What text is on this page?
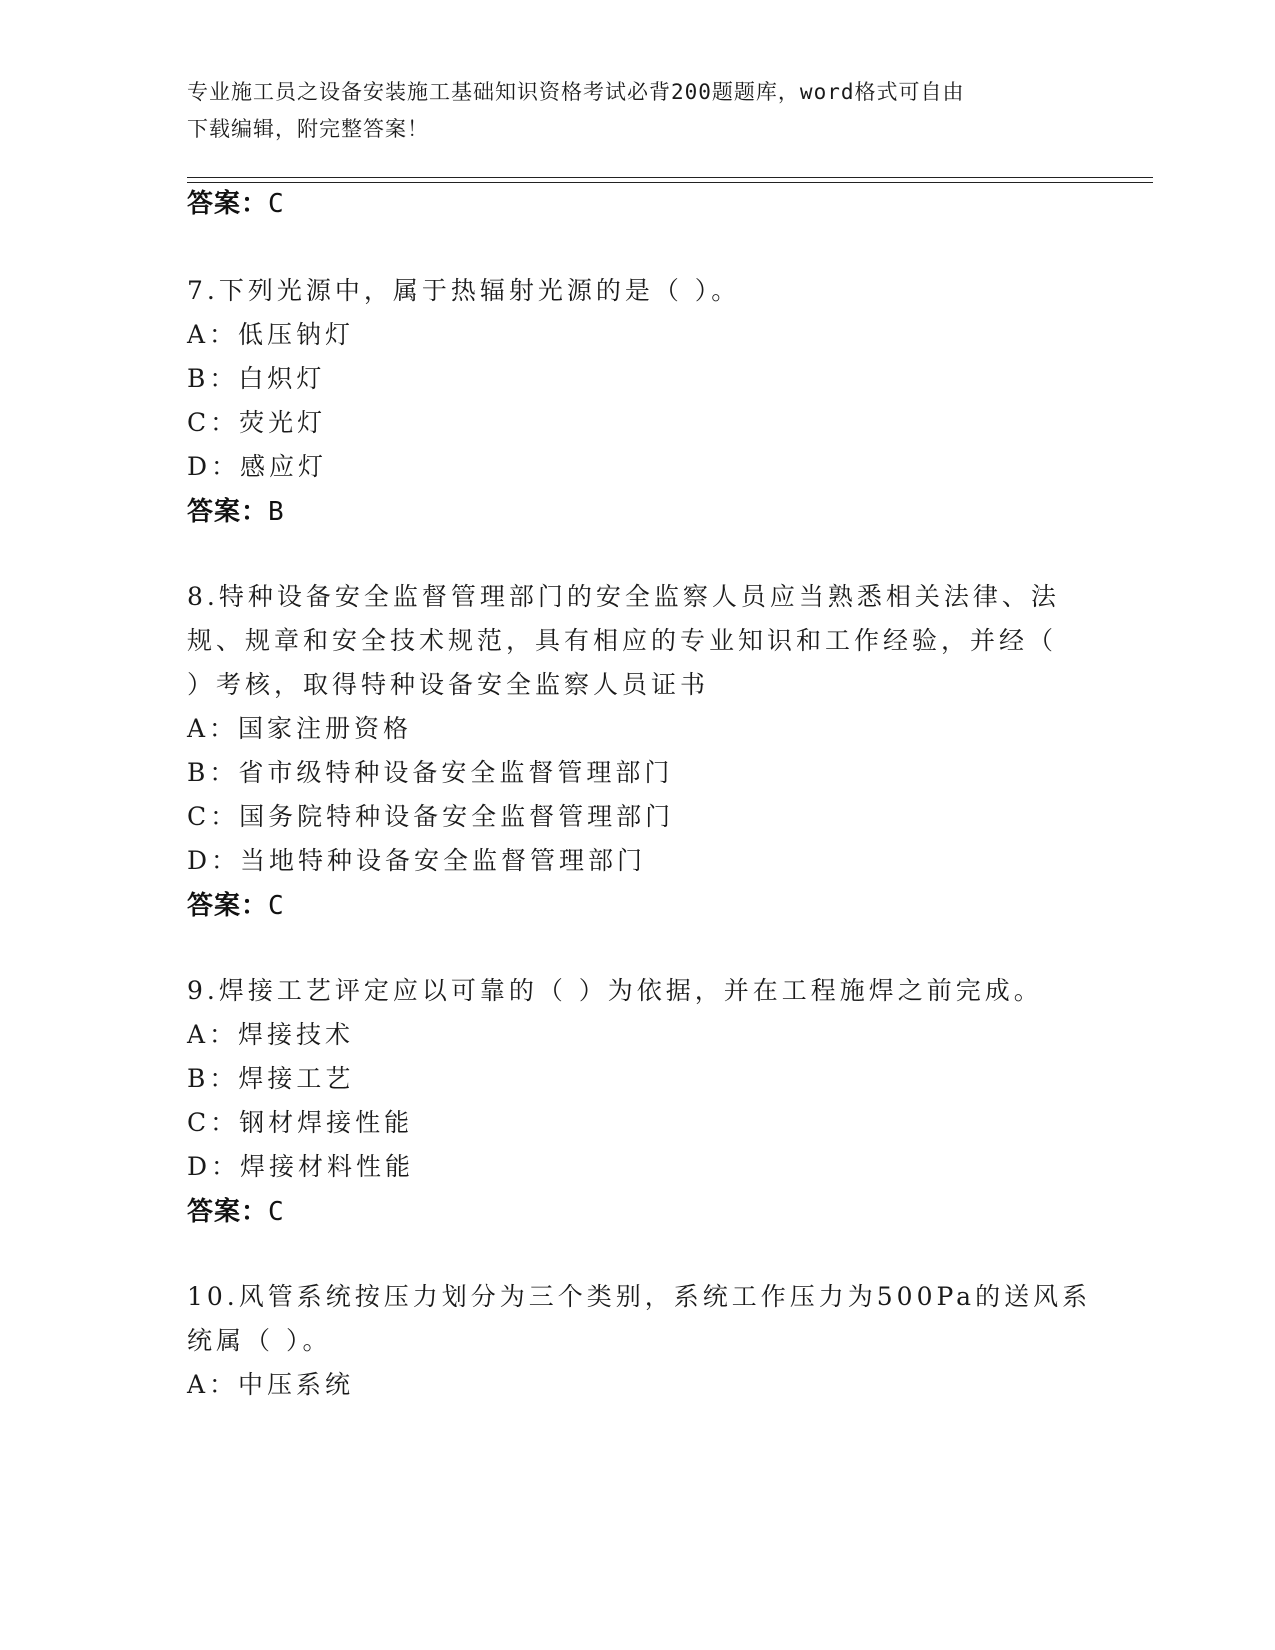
专业施工员之设备安装施工基础知识资格考试必背200题题库，word格式可自由
下载编辑，附完整答案！
答案：C
7.下列光源中，属于热辐射光源的是（ ）。
A：低压钠灯
B：白炽灯
C：荧光灯
D：感应灯
答案：B
8.特种设备安全监督管理部门的安全监察人员应当熟悉相关法律、法
规、规章和安全技术规范，具有相应的专业知识和工作经验，并经（
）考核，取得特种设备安全监察人员证书
A：国家注册资格
B：省市级特种设备安全监督管理部门
C：国务院特种设备安全监督管理部门
D：当地特种设备安全监督管理部门
答案：C
9.焊接工艺评定应以可靠的（ ）为依据，并在工程施焊之前完成。
A：焊接技术
B：焊接工艺
C：钢材焊接性能
D：焊接材料性能
答案：C
10.风管系统按压力划分为三个类别，系统工作压力为500Pa的送风系
统属（ ）。
A：中压系统
